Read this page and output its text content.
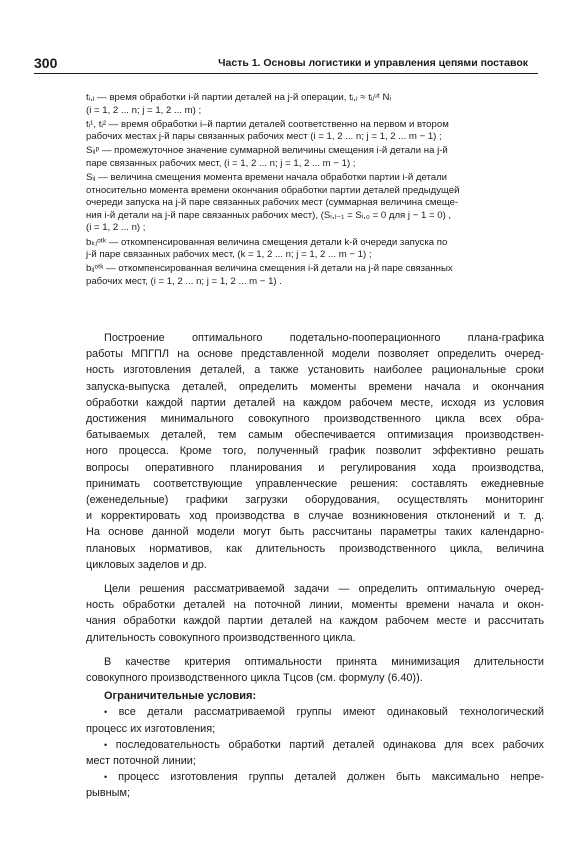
300	Часть 1. Основы логистики и управления цепями поставок
tᵢ,ⱼ — время обработки i-й партии деталей на j-й операции, tᵢ,ⱼ ≈ tᵢⱼᵘᵗ Nᵢ
(i = 1, 2 ... n; j = 1, 2 ... m) ;
tᵢ¹, tᵢ² — время обработки i–й партии деталей соответственно на первом и втором
рабочих местах j-й пары связанных рабочих мест (i = 1, 2 ... n; j = 1, 2 ... m − 1) ;
Sᵢⱼᵖ — промежуточное значение суммарной величины смещения i-й детали на j-й
паре связанных рабочих мест, (i = 1, 2 ... n; j = 1, 2 ... m − 1) ;
Sᵢⱼ — величина смещения момента времени начала обработки партии i-й детали
относительно момента времени окончания обработки партии деталей предыдущей
очереди запуска на j-й паре связанных рабочих мест (суммарная величина смеще-
ния i-й детали на j-й паре связанных рабочих мест), (Sᵢ,ⱼ₋₁ = Sᵢ,₀ = 0 для j − 1 = 0) ,
(i = 1, 2 ... n) ;
bₖⱼᵒᵗᵏ — откомпенсированная величина смещения детали k-й очереди запуска по
j-й паре связанных рабочих мест, (k = 1, 2 ... n; j = 1, 2 ... m − 1) ;
bᵢⱼᵒᵗᵏ — откомпенсированная величина смещения i-й детали на j-й паре связанных
рабочих мест, (i = 1, 2 ... n; j = 1, 2 ... m − 1) .
Построение оптимального подетально-пооперационного плана-графика
работы МПГПЛ на основе представленной модели позволяет определить очеред-
ность изготовления деталей, а также установить наиболее рациональные сроки
запуска-выпуска деталей, определить моменты времени начала и окончания
обработки каждой партии деталей на каждом рабочем месте, исходя из условия
достижения минимального совокупного производственного цикла всех обра-
батываемых деталей, тем самым обеспечивается оптимизация производствен-
ного процесса. Кроме того, полученный график позволит эффективно решать
вопросы оперативного планирования и регулирования хода производства,
принимать соответствующие управленческие решения: составлять ежедневные
(еженедельные) графики загрузки оборудования, осуществлять мониторинг
и корректировать ход производства в случае возникновения отклонений и т. д.
На основе данной модели могут быть рассчитаны параметры таких календарно-
плановых нормативов, как длительность производственного цикла, величина
цикловых заделов и др.
Цели решения рассматриваемой задачи — определить оптимальную очеред-
ность обработки деталей на поточной линии, моменты времени начала и окон-
чания обработки каждой партии деталей на каждом рабочем месте и рассчитать
длительность совокупного производственного цикла.
В качестве критерия оптимальности принята минимизация длительности
совокупного производственного цикла Tцсов (см. формулу (6.40)).
Ограничительные условия:
• все детали рассматриваемой группы имеют одинаковый технологический
процесс их изготовления;
• последовательность обработки партий деталей одинакова для всех рабочих
мест поточной линии;
• процесс изготовления группы деталей должен быть максимально непре-
рывным;
